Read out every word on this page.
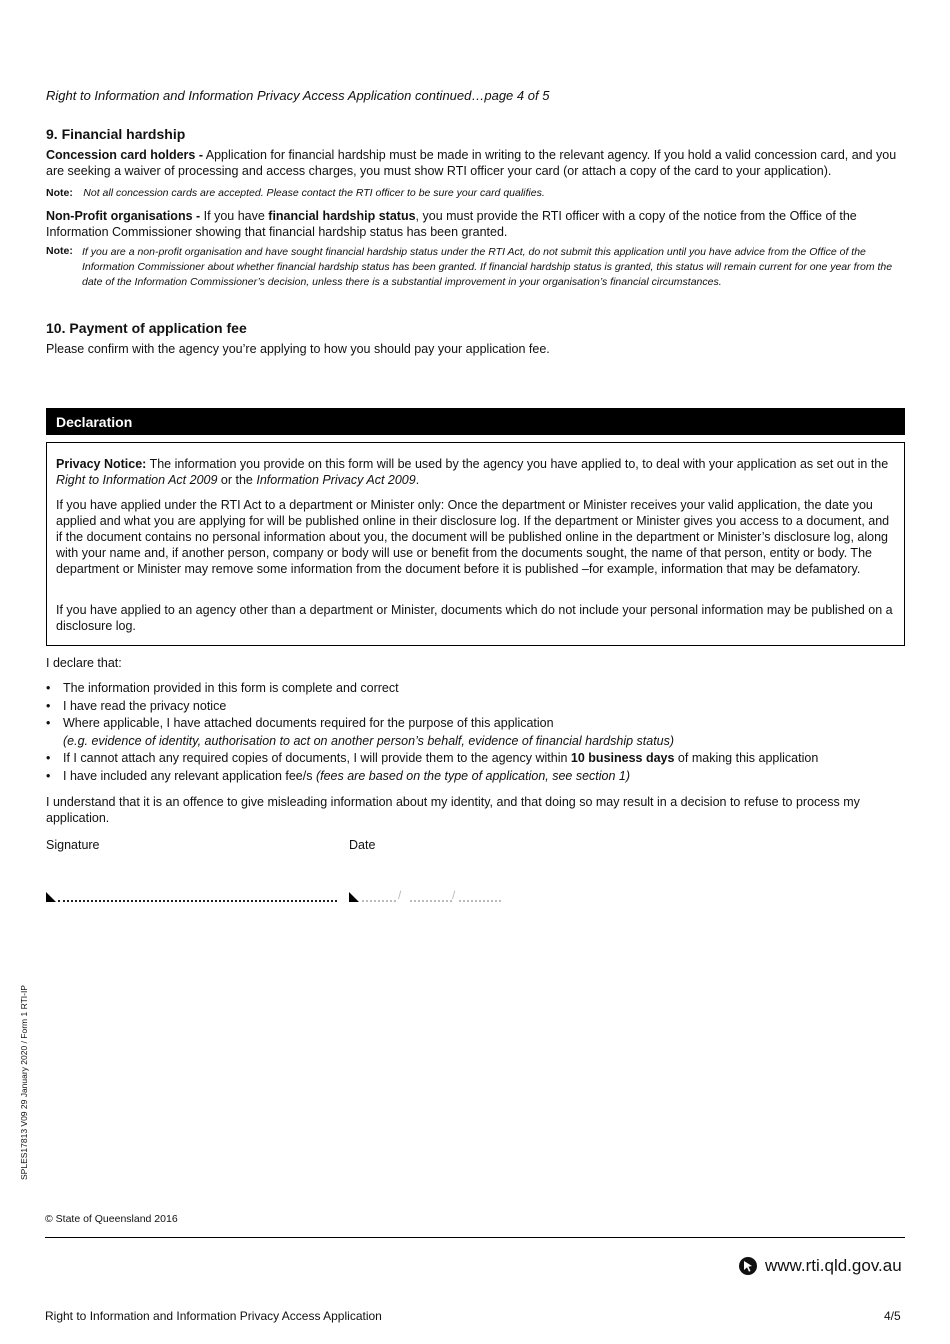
Right to Information and Information Privacy Access Application continued…page 4 of 5
9. Financial hardship
Concession card holders - Application for financial hardship must be made in writing to the relevant agency. If you hold a valid concession card, and you are seeking a waiver of processing and access charges, you must show RTI officer your card (or attach a copy of the card to your application).
Note: Not all concession cards are accepted. Please contact the RTI officer to be sure your card qualifies.
Non-Profit organisations - If you have financial hardship status, you must provide the RTI officer with a copy of the notice from the Office of the Information Commissioner showing that financial hardship status has been granted.
Note: If you are a non-profit organisation and have sought financial hardship status under the RTI Act, do not submit this application until you have advice from the Office of the Information Commissioner about whether financial hardship status has been granted. If financial hardship status is granted, this status will remain current for one year from the date of the Information Commissioner’s decision, unless there is a substantial improvement in your organisation’s financial circumstances.
10. Payment of application fee
Please confirm with the agency you’re applying to how you should pay your application fee.
Declaration
Privacy Notice: The information you provide on this form will be used by the agency you have applied to, to deal with your application as set out in the Right to Information Act 2009 or the Information Privacy Act 2009.
If you have applied under the RTI Act to a department or Minister only: Once the department or Minister receives your valid application, the date you applied and what you are applying for will be published online in their disclosure log. If the department or Minister gives you access to a document, and if the document contains no personal information about you, the document will be published online in the department or Minister’s disclosure log, along with your name and, if another person, company or body will use or benefit from the documents sought, the name of that person, entity or body. The department or Minister may remove some information from the document before it is published –for example, information that may be defamatory.
If you have applied to an agency other than a department or Minister, documents which do not include your personal information may be published on a disclosure log.
I declare that:
• The information provided in this form is complete and correct
• I have read the privacy notice
• Where applicable, I have attached documents required for the purpose of this application
(e.g. evidence of identity, authorisation to act on another person’s behalf, evidence of financial hardship status)
• If I cannot attach any required copies of documents, I will provide them to the agency within 10 business days of making this application
• I have included any relevant application fee/s (fees are based on the type of application, see section 1)
I understand that it is an offence to give misleading information about my identity, and that doing so may result in a decision to refuse to process my application.
Signature	Date
/	/
SPLES17813 V09 29 January 2020 / Form 1 RTI-IP
© State of Queensland 2016
www.rti.qld.gov.au
Right to Information and Information Privacy Access Application	4/5
